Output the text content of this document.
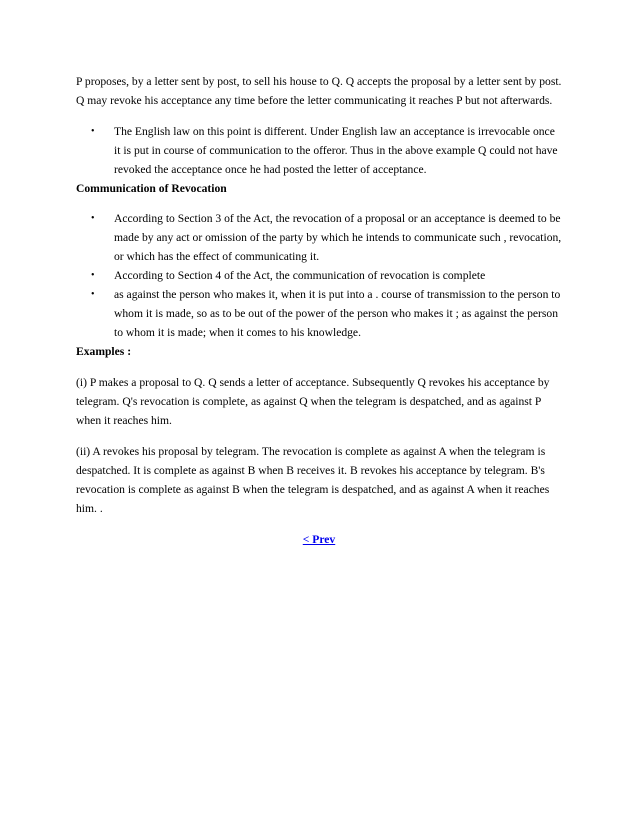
P proposes, by a letter sent by post, to sell his house to Q. Q accepts the proposal by a letter sent by post. Q may revoke his acceptance any time before the letter communicating it reaches P but not afterwards.

• The English law on this point is different. Under English law an acceptance is irrevocable once it is put in course of communication to the offeror. Thus in the above example Q could not have revoked the acceptance once he had posted the letter of acceptance.

Communication of Revocation

• According to Section 3 of the Act, the revocation of a proposal or an acceptance is deemed to be made by any act or omission of the party by which he intends to communicate such , revocation, or which has the effect of communicating it.
• According to Section 4 of the Act, the communication of revocation is complete
• as against the person who makes it, when it is put into a . course of transmission to the person to whom it is made, so as to be out of the power of the person who makes it ; as against the person to whom it is made; when it comes to his knowledge.

Examples :

(i) P makes a proposal to Q. Q sends a letter of acceptance. Subsequently Q revokes his acceptance by telegram. Q's revocation is complete, as against Q when the telegram is despatched, and as against P when it reaches him.

(ii) A revokes his proposal by telegram. The revocation is complete as against A when the telegram is despatched. It is complete as against B when B receives it. B revokes his acceptance by telegram. B's revocation is complete as against B when the telegram is despatched, and as against A when it reaches him. .

< Prev
